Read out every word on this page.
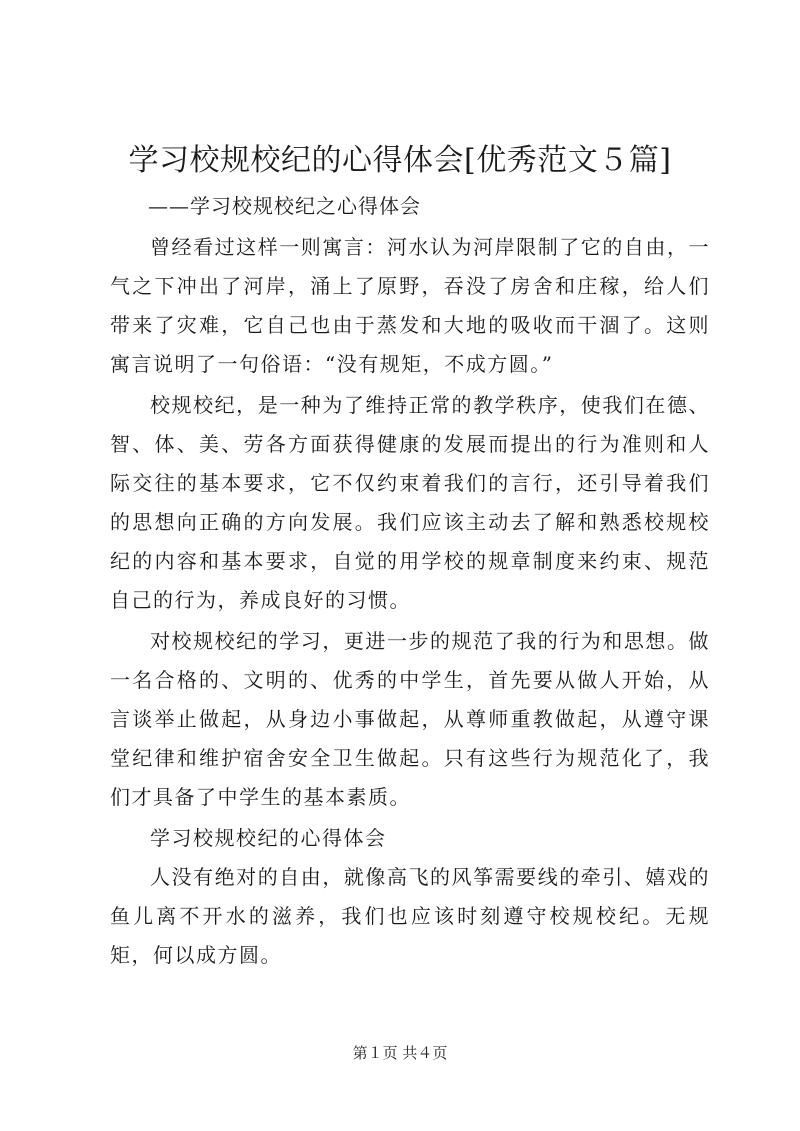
学习校规校纪的心得体会[优秀范文５篇]

——学习校规校纪之心得体会

曾经看过这样一则寓言：河水认为河岸限制了它的自由，一气之下冲出了河岸，涌上了原野，吞没了房舍和庄稼，给人们带来了灾难，它自己也由于蒸发和大地的吸收而干涸了。这则寓言说明了一句俗语：“没有规矩，不成方圆。”

校规校纪，是一种为了维持正常的教学秩序，使我们在德、智、体、美、劳各方面获得健康的发展而提出的行为准则和人际交往的基本要求，它不仅约束着我们的言行，还引导着我们的思想向正确的方向发展。我们应该主动去了解和熟悉校规校纪的内容和基本要求，自觉的用学校的规章制度来约束、规范自己的行为，养成良好的习惯。

对校规校纪的学习，更进一步的规范了我的行为和思想。做一名合格的、文明的、优秀的中学生，首先要从做人开始，从言谈举止做起，从身边小事做起，从尊师重教做起，从遵守课堂纪律和维护宿舍安全卫生做起。只有这些行为规范化了，我们才具备了中学生的基本素质。

学习校规校纪的心得体会

人没有绝对的自由，就像高飞的风筝需要线的牵引、嬉戏的鱼儿离不开水的滋养，我们也应该时刻遵守校规校纪。无规矩，何以成方圆。

第１页 共４页
